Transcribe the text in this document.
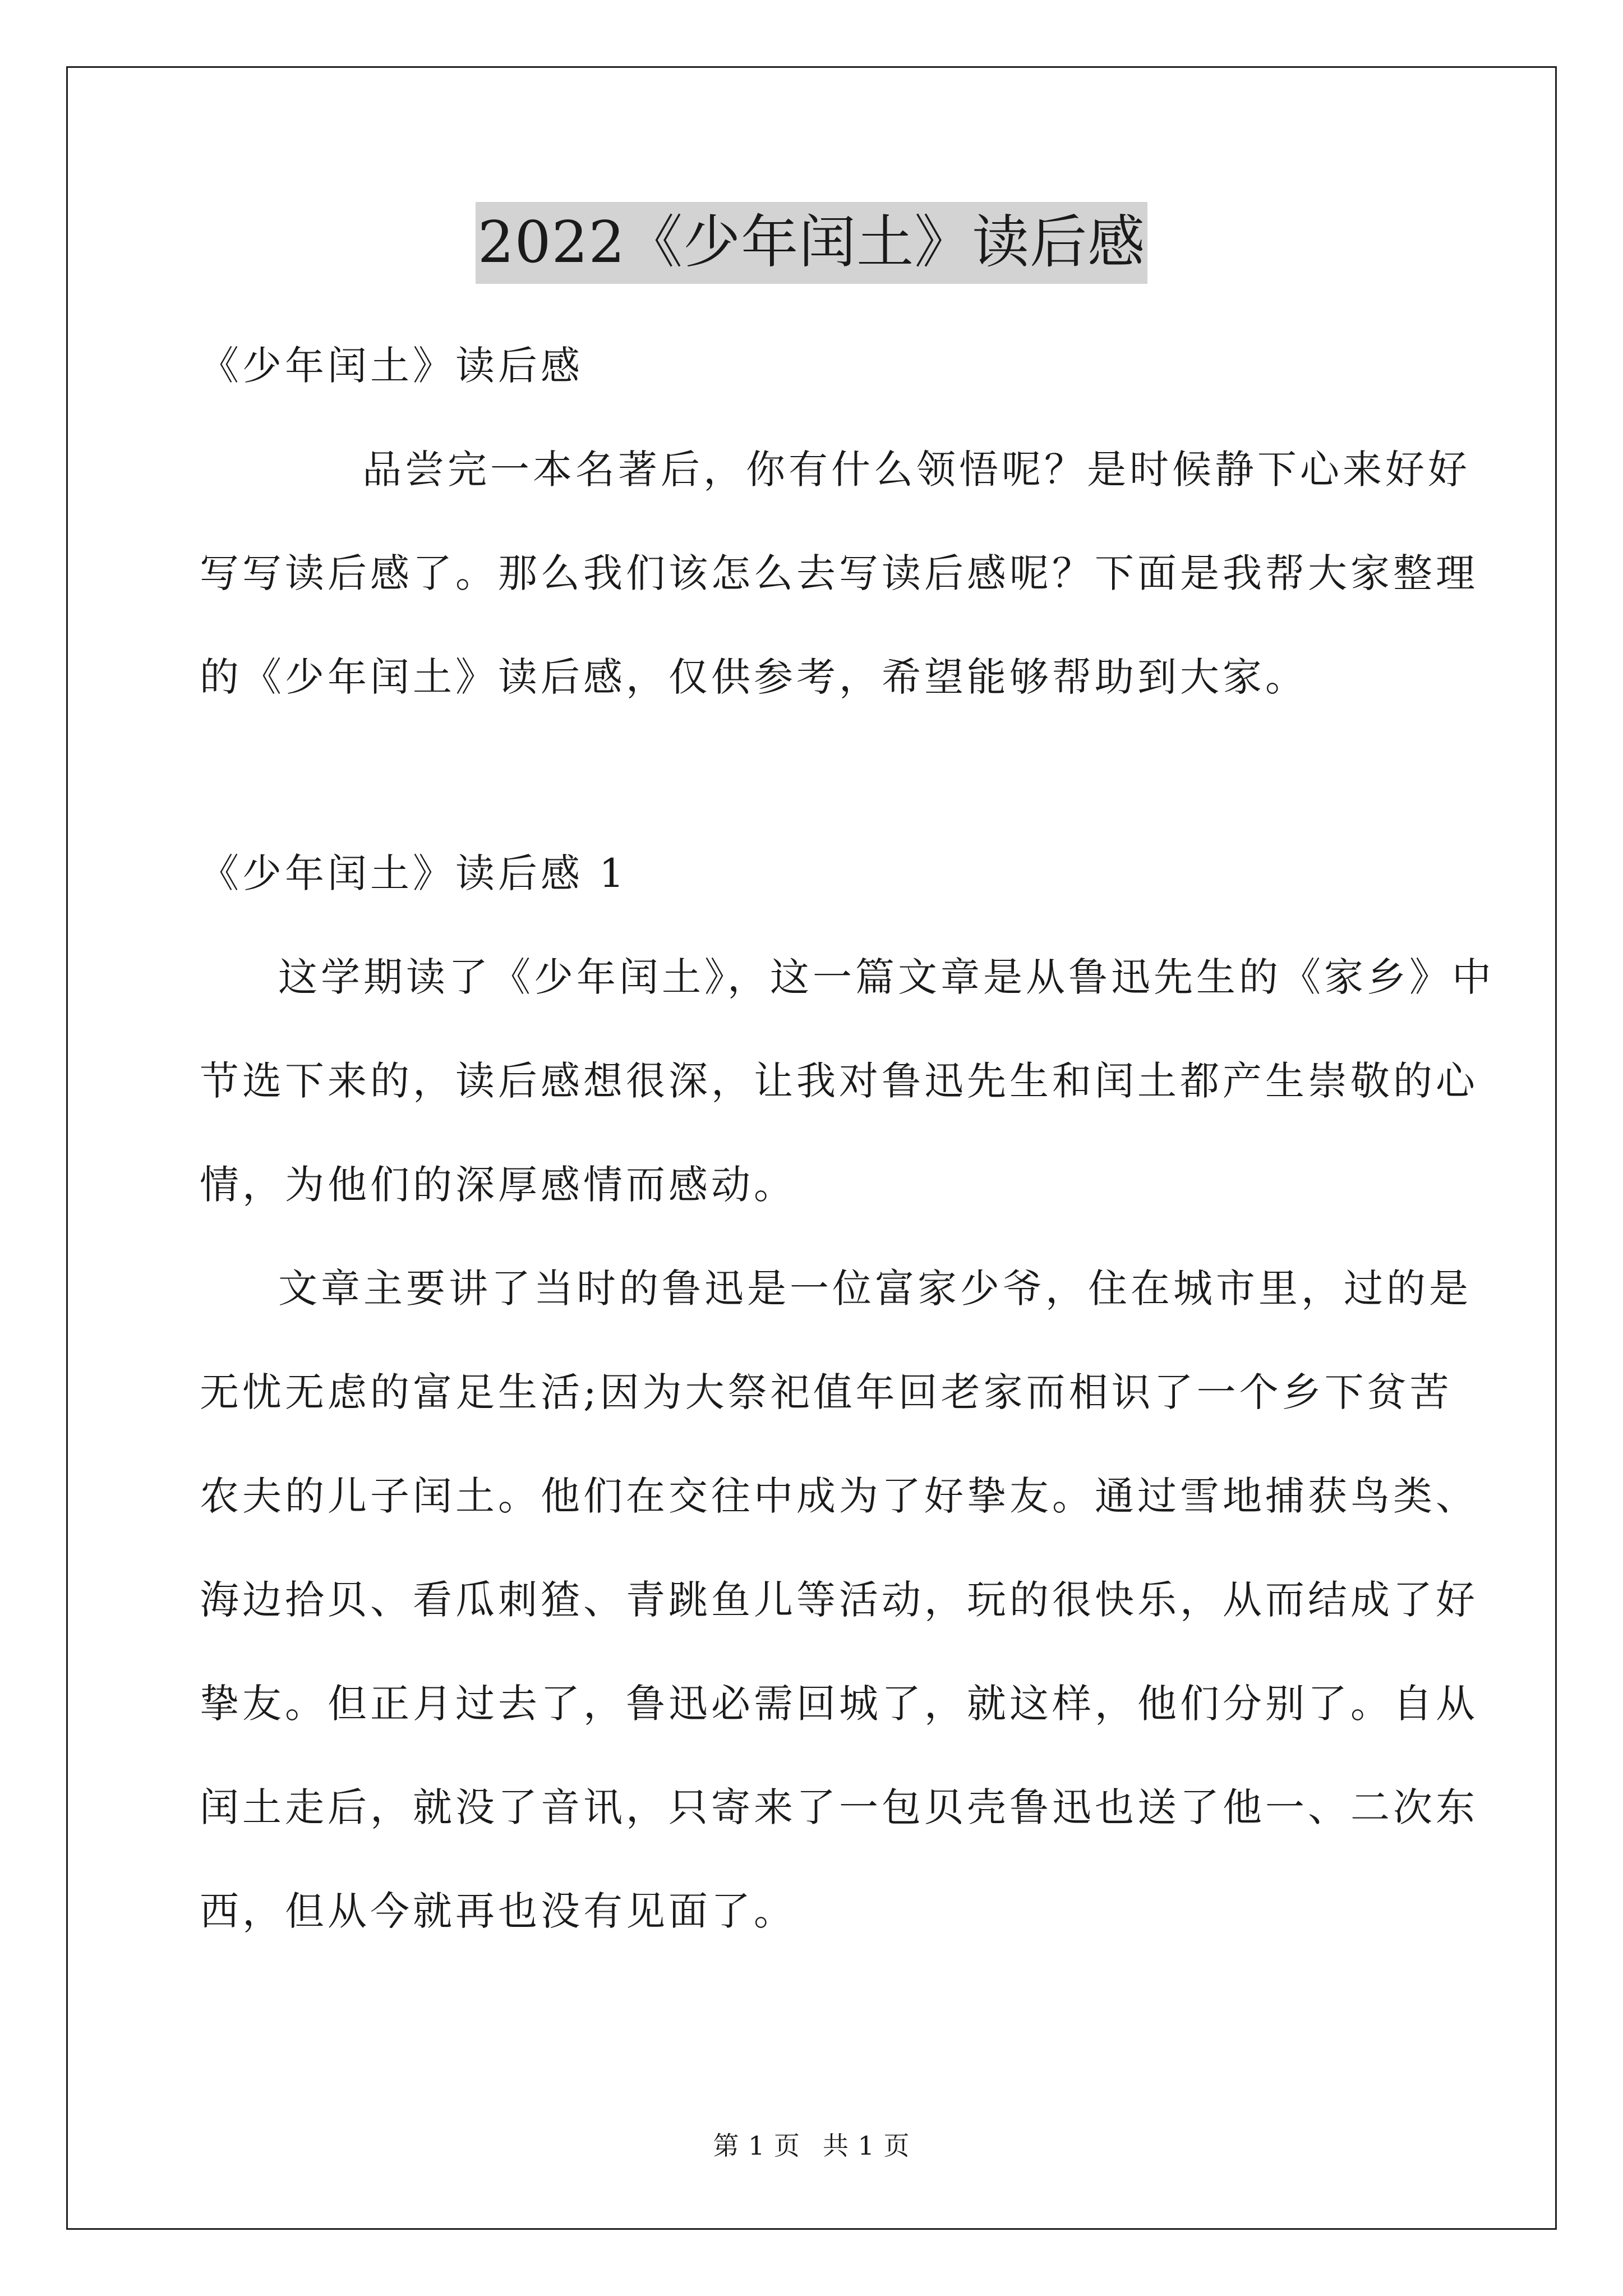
2022《少年闰土》读后感
《少年闰土》读后感
品尝完一本名著后，你有什么领悟呢？是时候静下心来好好
写写读后感了。那么我们该怎么去写读后感呢？下面是我帮大家整理
的《少年闰土》读后感，仅供参考，希望能够帮助到大家。
《少年闰土》读后感 1
这学期读了《少年闰土》，这一篇文章是从鲁迅先生的《家乡》中
节选下来的，读后感想很深，让我对鲁迅先生和闰土都产生崇敬的心
情，为他们的深厚感情而感动。
文章主要讲了当时的鲁迅是一位富家少爷，住在城市里，过的是
无忧无虑的富足生活;因为大祭祀值年回老家而相识了一个乡下贫苦
农夫的儿子闰土。他们在交往中成为了好挚友。通过雪地捕获鸟类、
海边拾贝、看瓜刺猹、青跳鱼儿等活动，玩的很快乐，从而结成了好
挚友。但正月过去了，鲁迅必需回城了，就这样，他们分别了。自从
闰土走后，就没了音讯，只寄来了一包贝壳鲁迅也送了他一、二次东
西，但从今就再也没有见面了。
第 1 页 共 1 页
